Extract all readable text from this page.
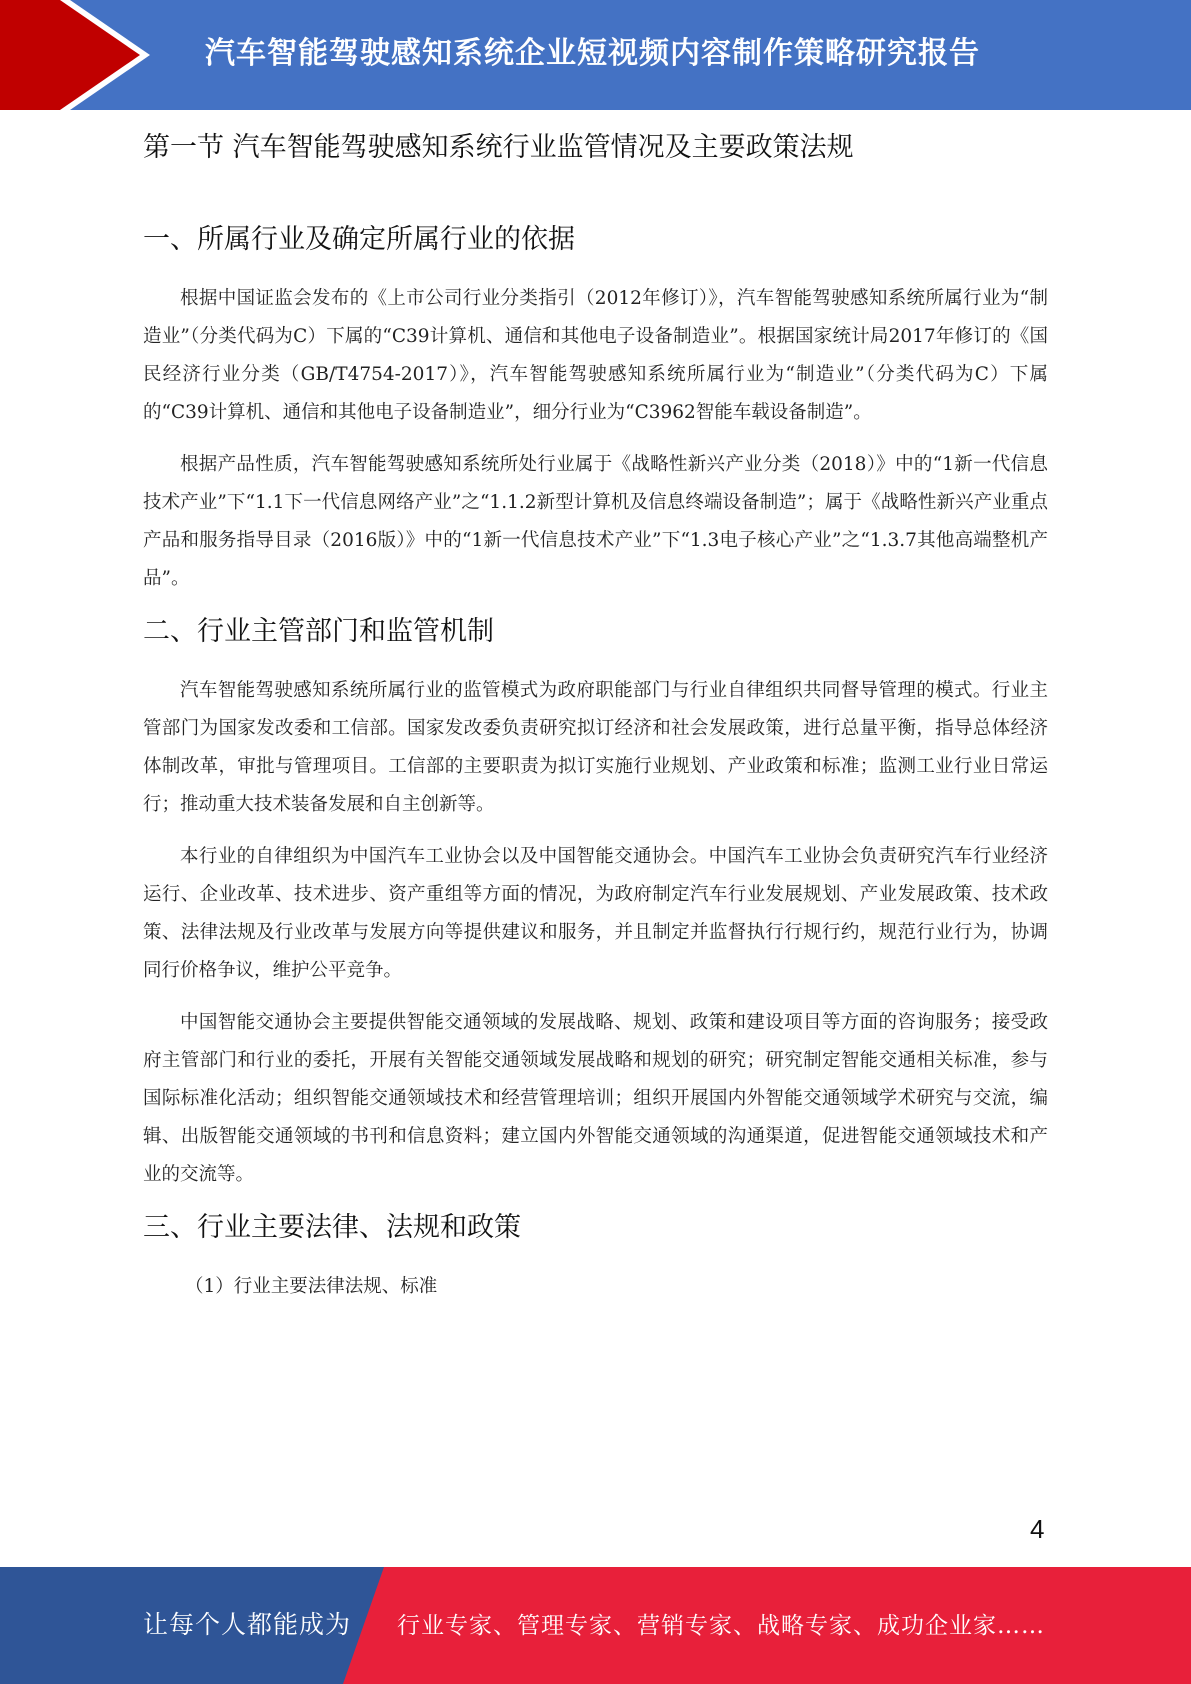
汽车智能驾驶感知系统企业短视频内容制作策略研究报告
第一节 汽车智能驾驶感知系统行业监管情况及主要政策法规
一、所属行业及确定所属行业的依据

根据中国证监会发布的《上市公司行业分类指引（2012年修订）》，汽车智能驾驶感知系统所属行业为“制造业”（分类代码为C）下属的“C39计算机、通信和其他电子设备制造业”。根据国家统计局2017年修订的《国民经济行业分类（GB/T4754-2017）》，汽车智能驾驶感知系统所属行业为“制造业”（分类代码为C）下属的“C39计算机、通信和其他电子设备制造业”，细分行业为“C3962智能车载设备制造”。

根据产品性质，汽车智能驾驶感知系统所处行业属于《战略性新兴产业分类（2018）》中的“1新一代信息技术产业”下“1.1下一代信息网络产业”之“1.1.2新型计算机及信息终端设备制造”；属于《战略性新兴产业重点产品和服务指导目录（2016版）》中的“1新一代信息技术产业”下“1.3电子核心产业”之“1.3.7其他高端整机产品”。

二、行业主管部门和监管机制

汽车智能驾驶感知系统所属行业的监管模式为政府职能部门与行业自律组织共同督导管理的模式。行业主管部门为国家发改委和工信部。国家发改委负责研究拟订经济和社会发展政策，进行总量平衡，指导总体经济体制改革，审批与管理项目。工信部的主要职责为拟订实施行业规划、产业政策和标准；监测工业行业日常运行；推动重大技术装备发展和自主创新等。

本行业的自律组织为中国汽车工业协会以及中国智能交通协会。中国汽车工业协会负责研究汽车行业经济运行、企业改革、技术进步、资产重组等方面的情况，为政府制定汽车行业发展规划、产业发展政策、技术政策、法律法规及行业改革与发展方向等提供建议和服务，并且制定并监督执行行规行约，规范行业行为，协调同行价格争议，维护公平竞争。

中国智能交通协会主要提供智能交通领域的发展战略、规划、政策和建设项目等方面的咨询服务；接受政府主管部门和行业的委托，开展有关智能交通领域发展战略和规划的研究；研究制定智能交通相关标准，参与国际标准化活动；组织智能交通领域技术和经营管理培训；组织开展国内外智能交通领域学术研究与交流，编辑、出版智能交通领域的书刊和信息资料；建立国内外智能交通领域的沟通渠道，促进智能交通领域技术和产业的交流等。

三、行业主要法律、法规和政策
（1）行业主要法律法规、标准
4
让每个人都能成为 行业专家、管理专家、营销专家、战略专家、成功企业家……
